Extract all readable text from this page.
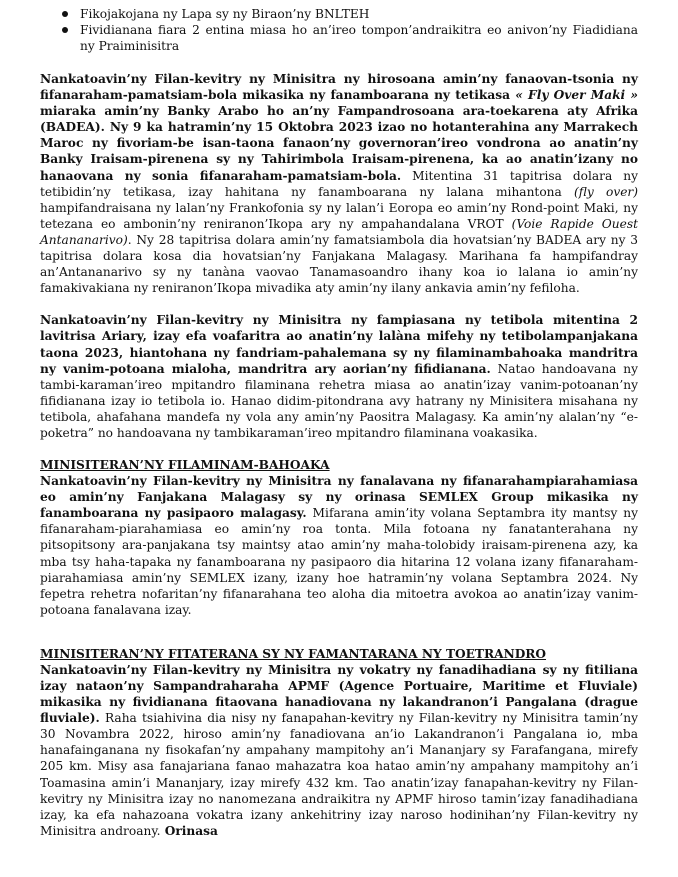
Fikojakojana ny Lapa sy ny Biraon’ny BNLTEH
Fividianana fiara 2 entina miasa ho an’ireo tompon’andraikitra eo anivon’ny Fiadidiana ny Praiminisitra

Nankatoavin’ny Filan-kevitry ny Minisitra ny hirosoana amin’ny fanaovan-tsonia ny fifanaraham-pamatsiam-bola mikasika ny fanamboarana ny tetikasa « Fly Over Maki » miaraka amin’ny Banky Arabo ho an’ny Fampandrosoana ara-toekarena aty Afrika (BADEA). Ny 9 ka hatramin’ny 15 Oktobra 2023 izao no hotanterahina any Marrakech Maroc ny fivoriam-be isan-taona fanaon’ny governoran’ireo vondrona ao anatin’ny Banky Iraisam-pirenena sy ny Tahirimbola Iraisam-pirenena, ka ao anatin’izany no hanaovana ny sonia fifanaraham-pamatsiam-bola. Mitentina 31 tapitrisa dolara ny tetibidin’ny tetikasa, izay hahitana ny fanamboarana ny lalana mihantona (fly over) hampifandraisana ny lalan’ny Frankofonia sy ny lalan’i Eoropa eo amin’ny Rond-point Maki, ny tetezana eo ambonin’ny reniranon’Ikopa ary ny ampahandalana VROT (Voie Rapide Ouest Antananarivo). Ny 28 tapitrisa dolara amin’ny famatsiambola dia hovatsian’ny BADEA ary ny 3 tapitrisa dolara kosa dia hovatsian’ny Fanjakana Malagasy. Marihana fa hampifandray an’Antananarivo sy ny tanàna vaovao Tanamasoandro ihany koa io lalana io amin’ny famakivakiana ny reniranon’Ikopa mivadika aty amin’ny ilany ankavia amin’ny fefiloha.

Nankatoavin’ny Filan-kevitry ny Minisitra ny fampiasana ny tetibola mitentina 2 lavitrisa Ariary, izay efa voafaritra ao anatin’ny lalàna mifehy ny tetibolampanjakana taona 2023, hiantohana ny fandriam-pahalemana sy ny filaminambahoaka mandritra ny vanim-potoana mialoha, mandritra ary aorian’ny fifidianana. Natao handoavana ny tambi-karaman’ireo mpitandro filaminana rehetra miasa ao anatin’izay vanim-potoanan’ny fifidianana izay io tetibola io. Hanao didim-pitondrana avy hatrany ny Minisitera misahana ny tetibola, ahafahana mandefa ny vola any amin’ny Paositra Malagasy. Ka amin’ny alalan’ny “e-poketra” no handoavana ny tambikaraman’ireo mpitandro filaminana voakasika.

MINISITERAN’NY FILAMINAM-BAHOAKA

Nankatoavin’ny Filan-kevitry ny Minisitra ny fanalavana ny fifanarahampiarahamiasa eo amin’ny Fanjakana Malagasy sy ny orinasa SEMLEX Group mikasika ny fanamboarana ny pasipaoro malagasy. Mifarana amin’ity volana Septambra ity mantsy ny fifanaraham-piarahamiasa eo amin’ny roa tonta. Mila fotoana ny fanatanterahana ny pitsopitsony ara-panjakana tsy maintsy atao amin’ny maha-tolobidy iraisam-pirenena azy, ka mba tsy haha-tapaka ny fanamboarana ny pasipaoro dia hitarina 12 volana izany fifanaraham-piarahamiasa amin’ny SEMLEX izany, izany hoe hatramin’ny volana Septambra 2024. Ny fepetra rehetra nofaritan’ny fifanarahana teo aloha dia mitoetra avokoa ao anatin’izay vanim-potoana fanalavana izay.

MINISITERAN’NY FITATERANA SY NY FAMANTARANA NY TOETRANDRO

Nankatoavin’ny Filan-kevitry ny Minisitra ny vokatry ny fanadihadiana sy ny fitiliana izay nataon’ny Sampandraharaha APMF (Agence Portuaire, Maritime et Fluviale) mikasika ny fividianana fitaovana hanadiovana ny lakandranon’i Pangalana (drague fluviale). Raha tsiahivina dia nisy ny fanapahan-kevitry ny Filan-kevitry ny Minisitra tamin’ny 30 Novambra 2022, hiroso amin’ny fanadiovana an’io Lakandranon’i Pangalana io, mba hanafainganana ny fisokafan’ny ampahany mampitohy an’i Mananjary sy Farafangana, mirefy 205 km. Misy asa fanajariana fanao mahazatra koa hatao amin’ny ampahany mampitohy an’i Toamasina amin’i Mananjary, izay mirefy 432 km. Tao anatin’izay fanapahan-kevitry ny Filan-kevitry ny Minisitra izay no nanomezana andraikitra ny APMF hiroso tamin’izay fanadihadiana izay, ka efa nahazoana vokatra izany ankehitriny izay naroso hodinihan’ny Filan-kevitry ny Minisitra androany. Orinasa
